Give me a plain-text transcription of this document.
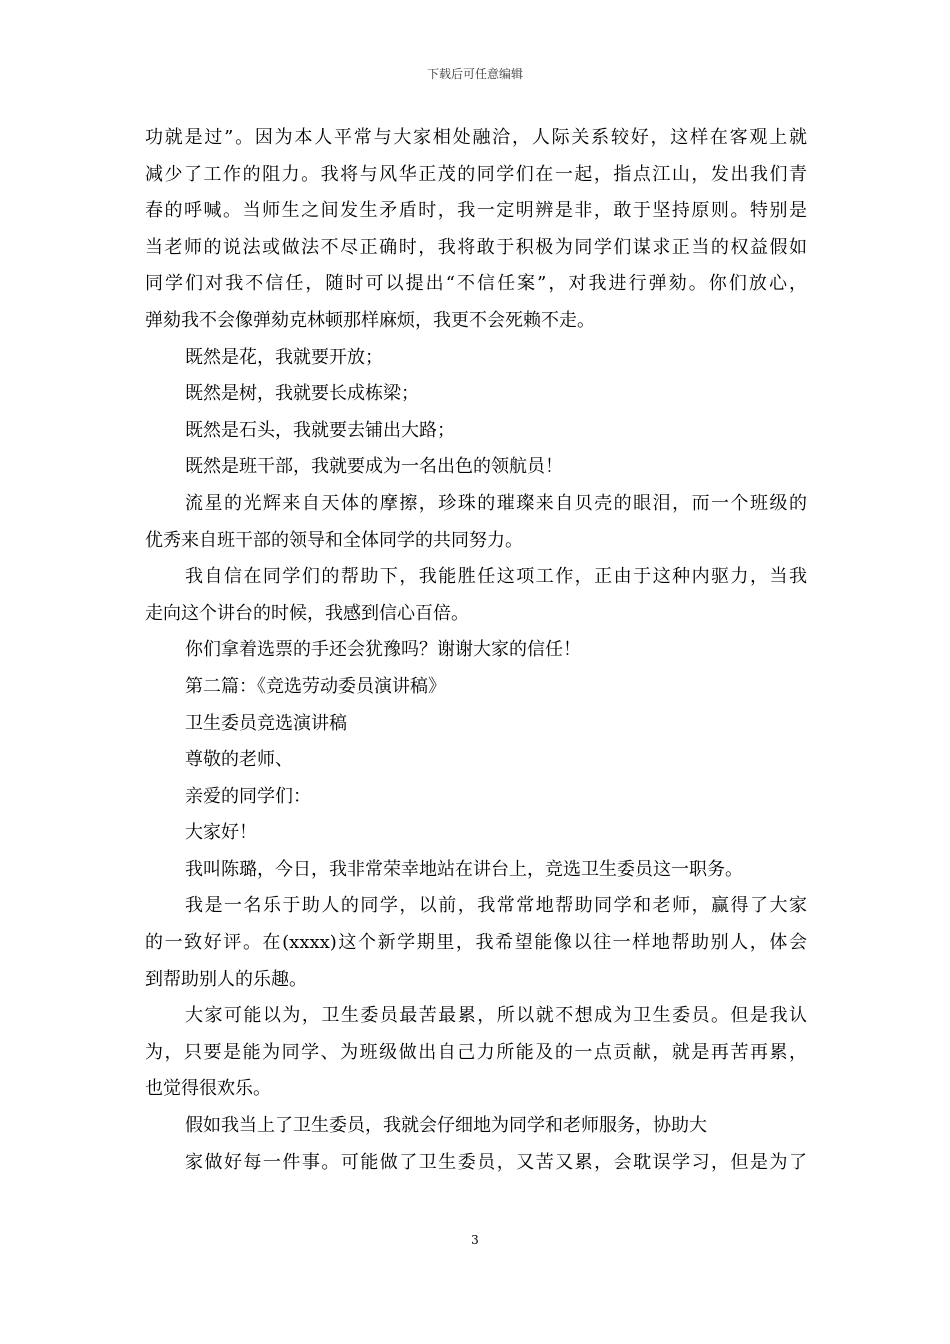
下载后可任意编辑
功就是过”。因为本人平常与大家相处融洽，人际关系较好，这样在客观上就
减少了工作的阻力。我将与风华正茂的同学们在一起，指点江山，发出我们青
春的呼喊。当师生之间发生矛盾时，我一定明辨是非，敢于坚持原则。特别是
当老师的说法或做法不尽正确时，我将敢于积极为同学们谋求正当的权益假如
同学们对我不信任，随时可以提出“不信任案”，对我进行弹劾。你们放心，
弹劾我不会像弹劾克林顿那样麻烦，我更不会死赖不走。
既然是花，我就要开放；
既然是树，我就要长成栋梁；
既然是石头，我就要去铺出大路；
既然是班干部，我就要成为一名出色的领航员！
流星的光辉来自天体的摩擦，珍珠的璀璨来自贝壳的眼泪，而一个班级的
优秀来自班干部的领导和全体同学的共同努力。
我自信在同学们的帮助下，我能胜任这项工作，正由于这种内驱力，当我
走向这个讲台的时候，我感到信心百倍。
你们拿着选票的手还会犹豫吗？谢谢大家的信任！
第二篇：《竞选劳动委员演讲稿》
卫生委员竞选演讲稿
尊敬的老师、
亲爱的同学们：
大家好！
我叫陈璐，今日，我非常荣幸地站在讲台上，竞选卫生委员这一职务。
我是一名乐于助人的同学，以前，我常常地帮助同学和老师，赢得了大家
的一致好评。在(xxxx)这个新学期里，我希望能像以往一样地帮助别人，体会
到帮助别人的乐趣。
大家可能以为，卫生委员最苦最累，所以就不想成为卫生委员。但是我认
为，只要是能为同学、为班级做出自己力所能及的一点贡献，就是再苦再累，
也觉得很欢乐。
假如我当上了卫生委员，我就会仔细地为同学和老师服务，协助大
家做好每一件事。可能做了卫生委员，又苦又累，会耽误学习，但是为了
3
